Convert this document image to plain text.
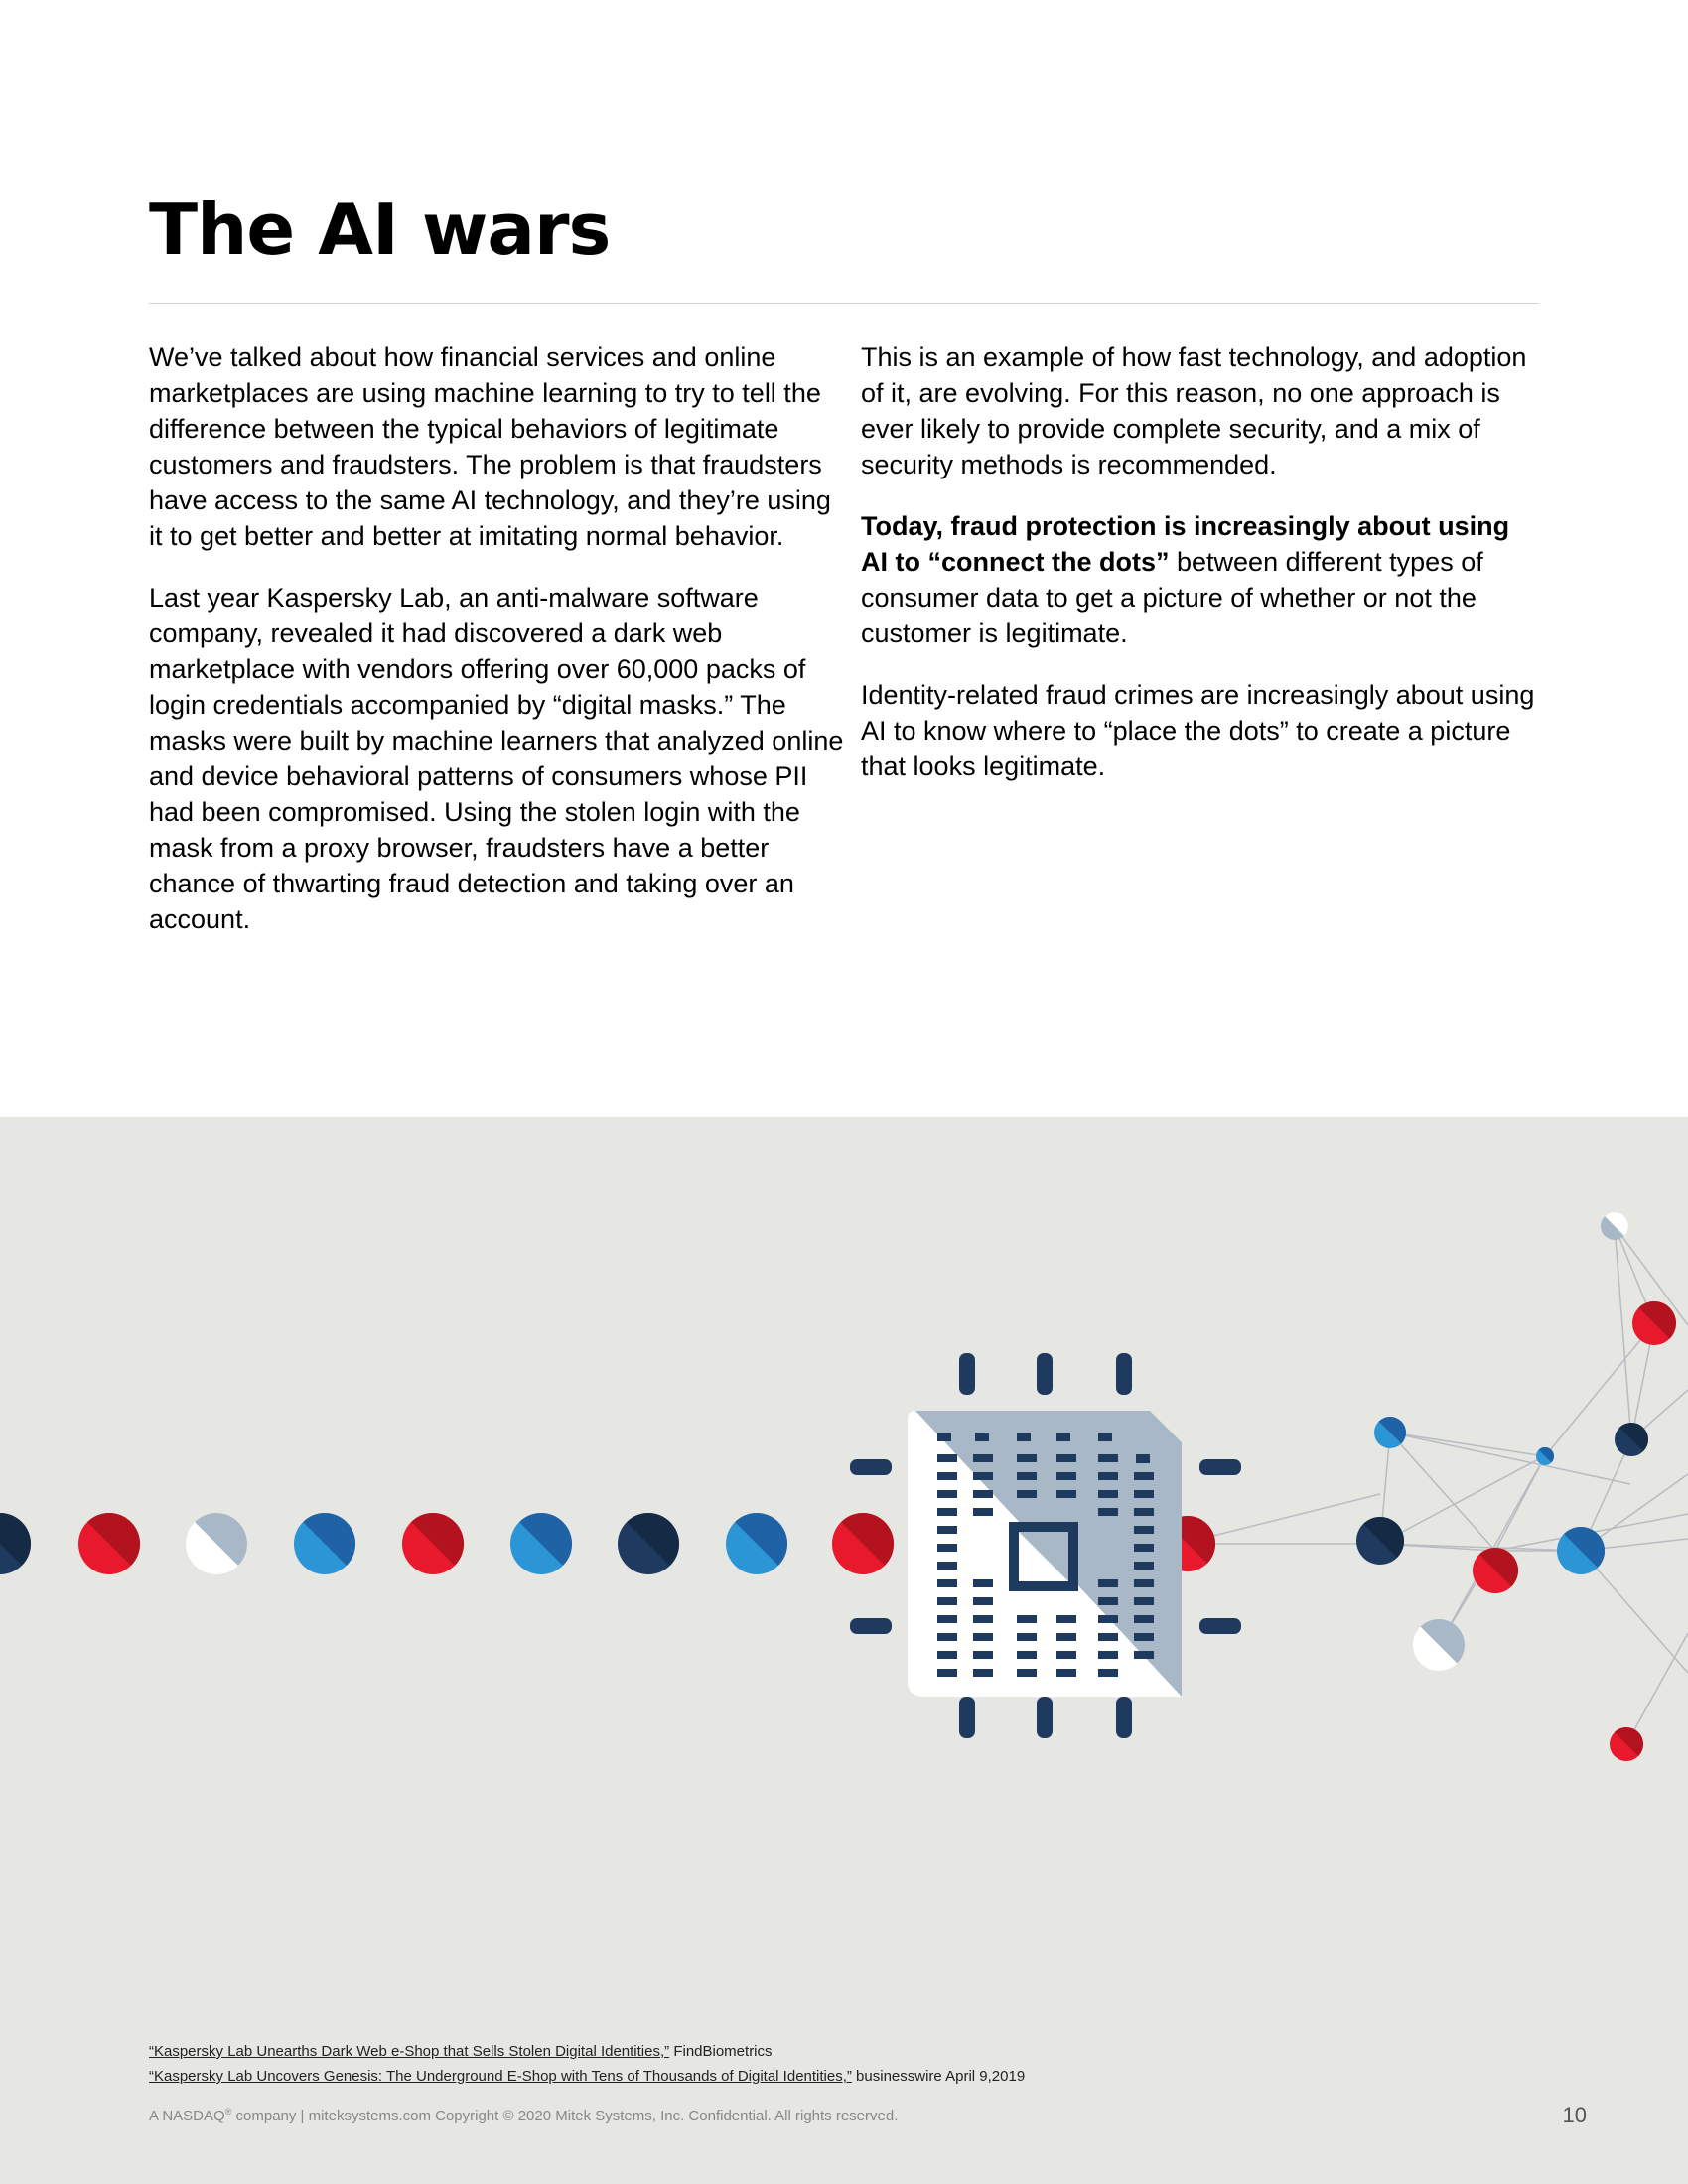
The AI wars

We’ve talked about how financial services and online marketplaces are using machine learning to try to tell the difference between the typical behaviors of legitimate customers and fraudsters. The problem is that fraudsters have access to the same AI technology, and they’re using it to get better and better at imitating normal behavior.

Last year Kaspersky Lab, an anti-malware software company, revealed it had discovered a dark web marketplace with vendors offering over 60,000 packs of login credentials accompanied by “digital masks.” The masks were built by machine learners that analyzed online and device behavioral patterns of consumers whose PII had been compromised. Using the stolen login with the mask from a proxy browser, fraudsters have a better chance of thwarting fraud detection and taking over an account.

This is an example of how fast technology, and adoption of it, are evolving. For this reason, no one approach is ever likely to provide complete security, and a mix of security methods is recommended.

Today, fraud protection is increasingly about using AI to “connect the dots” between different types of consumer data to get a picture of whether or not the customer is legitimate.

Identity-related fraud crimes are increasingly about using AI to know where to “place the dots” to create a picture that looks legitimate.

“Kaspersky Lab Unearths Dark Web e-Shop that Sells Stolen Digital Identities,” FindBiometrics
“Kaspersky Lab Uncovers Genesis: The Underground E-Shop with Tens of Thousands of Digital Identities,” businesswire April 9,2019
A NASDAQ® company | miteksystems.com Copyright © 2020 Mitek Systems, Inc. Confidential. All rights reserved.	10
